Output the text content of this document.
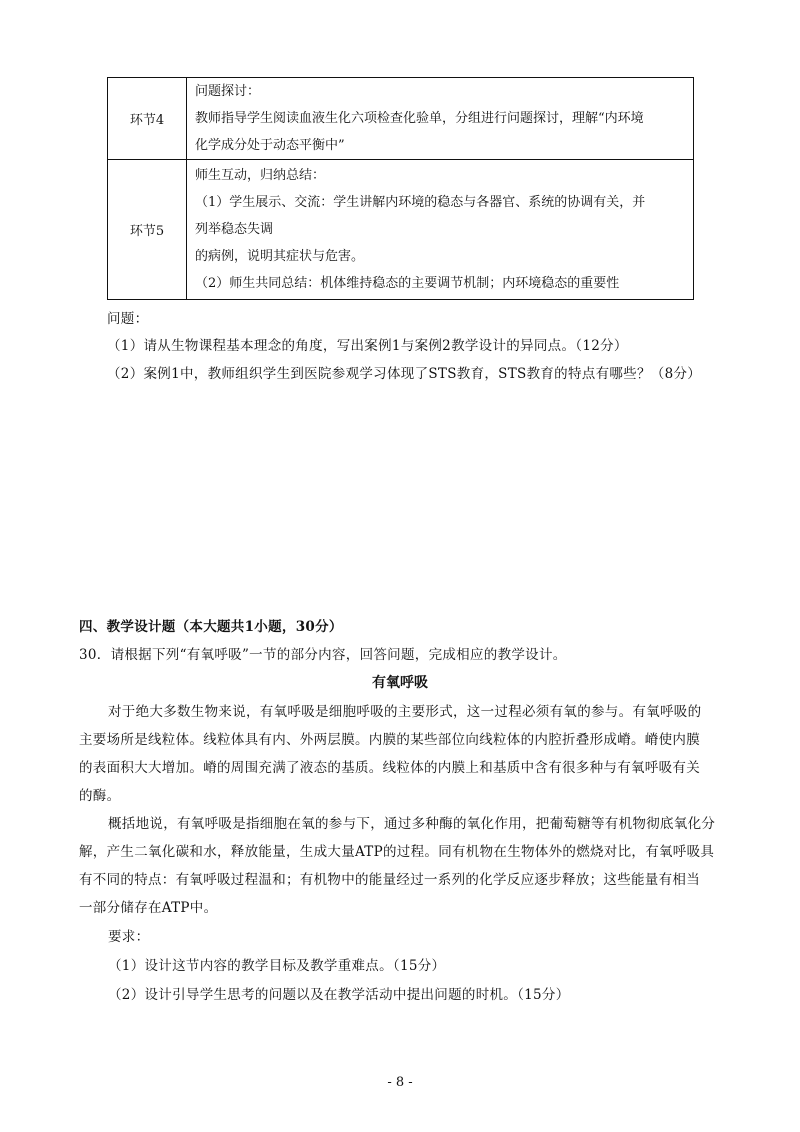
环节4	问题探讨：
教师指导学生阅读血液生化六项检查化验单，分组进行问题探讨，理解“内环境
化学成分处于动态平衡中”

环节5	师生互动，归纳总结：
（1）学生展示、交流：学生讲解内环境的稳态与各器官、系统的协调有关，并
列举稳态失调
的病例，说明其症状与危害。
（2）师生共同总结：机体维持稳态的主要调节机制；内环境稳态的重要性
问题：
（1）请从生物课程基本理念的角度，写出案例1与案例2教学设计的异同点。（12分）
（2）案例1中，教师组织学生到医院参观学习体现了STS教育，STS教育的特点有哪些？（8分）
四、教学设计题（本大题共1小题，30分）
30．请根据下列“有氧呼吸”一节的部分内容，回答问题，完成相应的教学设计。
有氧呼吸
对于绝大多数生物来说，有氧呼吸是细胞呼吸的主要形式，这一过程必须有氧的参与。有氧呼吸的
主要场所是线粒体。线粒体具有内、外两层膜。内膜的某些部位向线粒体的内腔折叠形成嵴。嵴使内膜
的表面积大大增加。嵴的周围充满了液态的基质。线粒体的内膜上和基质中含有很多种与有氧呼吸有关
的酶。
概括地说，有氧呼吸是指细胞在氧的参与下，通过多种酶的氧化作用，把葡萄糖等有机物彻底氧化分
解，产生二氧化碳和水，释放能量，生成大量ATP的过程。同有机物在生物体外的燃烧对比，有氧呼吸具
有不同的特点：有氧呼吸过程温和；有机物中的能量经过一系列的化学反应逐步释放；这些能量有相当
一部分储存在ATP中。
要求：
（1）设计这节内容的教学目标及教学重难点。（15分）
（2）设计引导学生思考的问题以及在教学活动中提出问题的时机。（15分）
- 8 -
